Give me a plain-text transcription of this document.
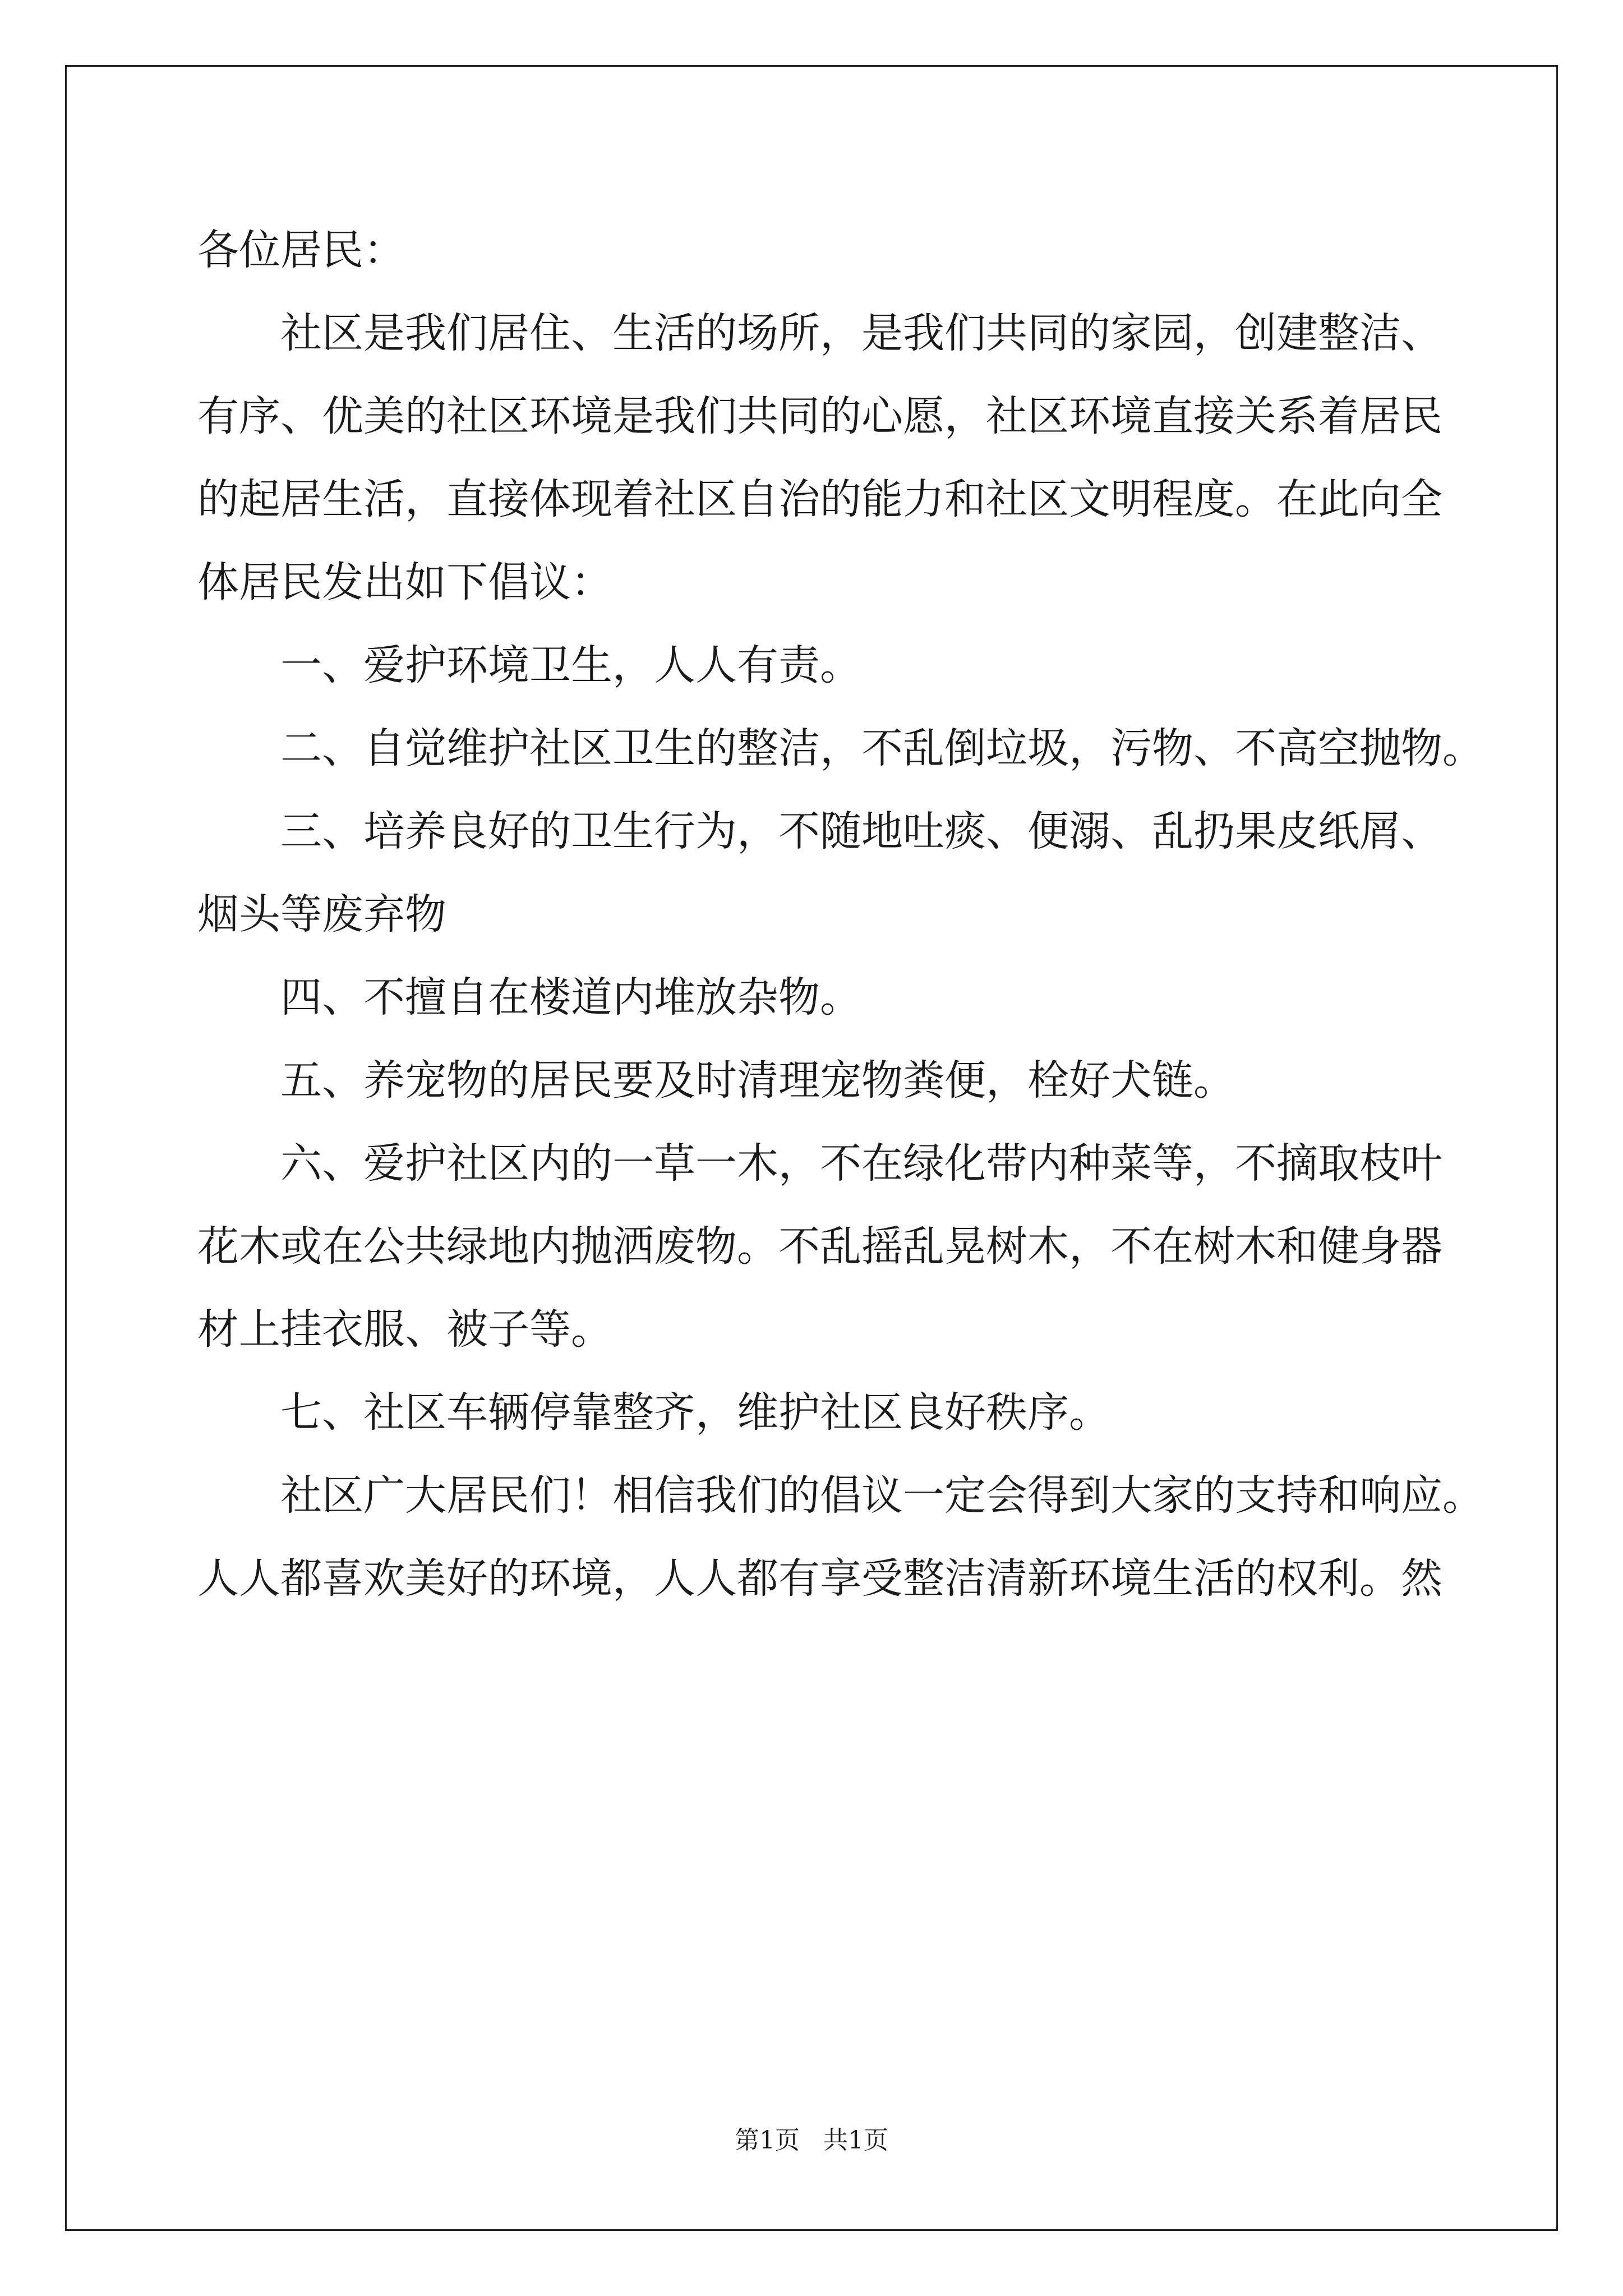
各位居民：
　　社区是我们居住、生活的场所，是我们共同的家园，创建整洁、
有序、优美的社区环境是我们共同的心愿，社区环境直接关系着居民
的起居生活，直接体现着社区自治的能力和社区文明程度。在此向全
体居民发出如下倡议：
　　一、爱护环境卫生，人人有责。
　　二、自觉维护社区卫生的整洁，不乱倒垃圾，污物、不高空抛物。
　　三、培养良好的卫生行为，不随地吐痰、便溺、乱扔果皮纸屑、
烟头等废弃物
　　四、不擅自在楼道内堆放杂物。
　　五、养宠物的居民要及时清理宠物粪便，栓好犬链。
　　六、爱护社区内的一草一木，不在绿化带内种菜等，不摘取枝叶
花木或在公共绿地内抛洒废物。不乱摇乱晃树木，不在树木和健身器
材上挂衣服、被子等。
　　七、社区车辆停靠整齐，维护社区良好秩序。
　　社区广大居民们！相信我们的倡议一定会得到大家的支持和响应。
人人都喜欢美好的环境，人人都有享受整洁清新环境生活的权利。然
第1页   共1页
